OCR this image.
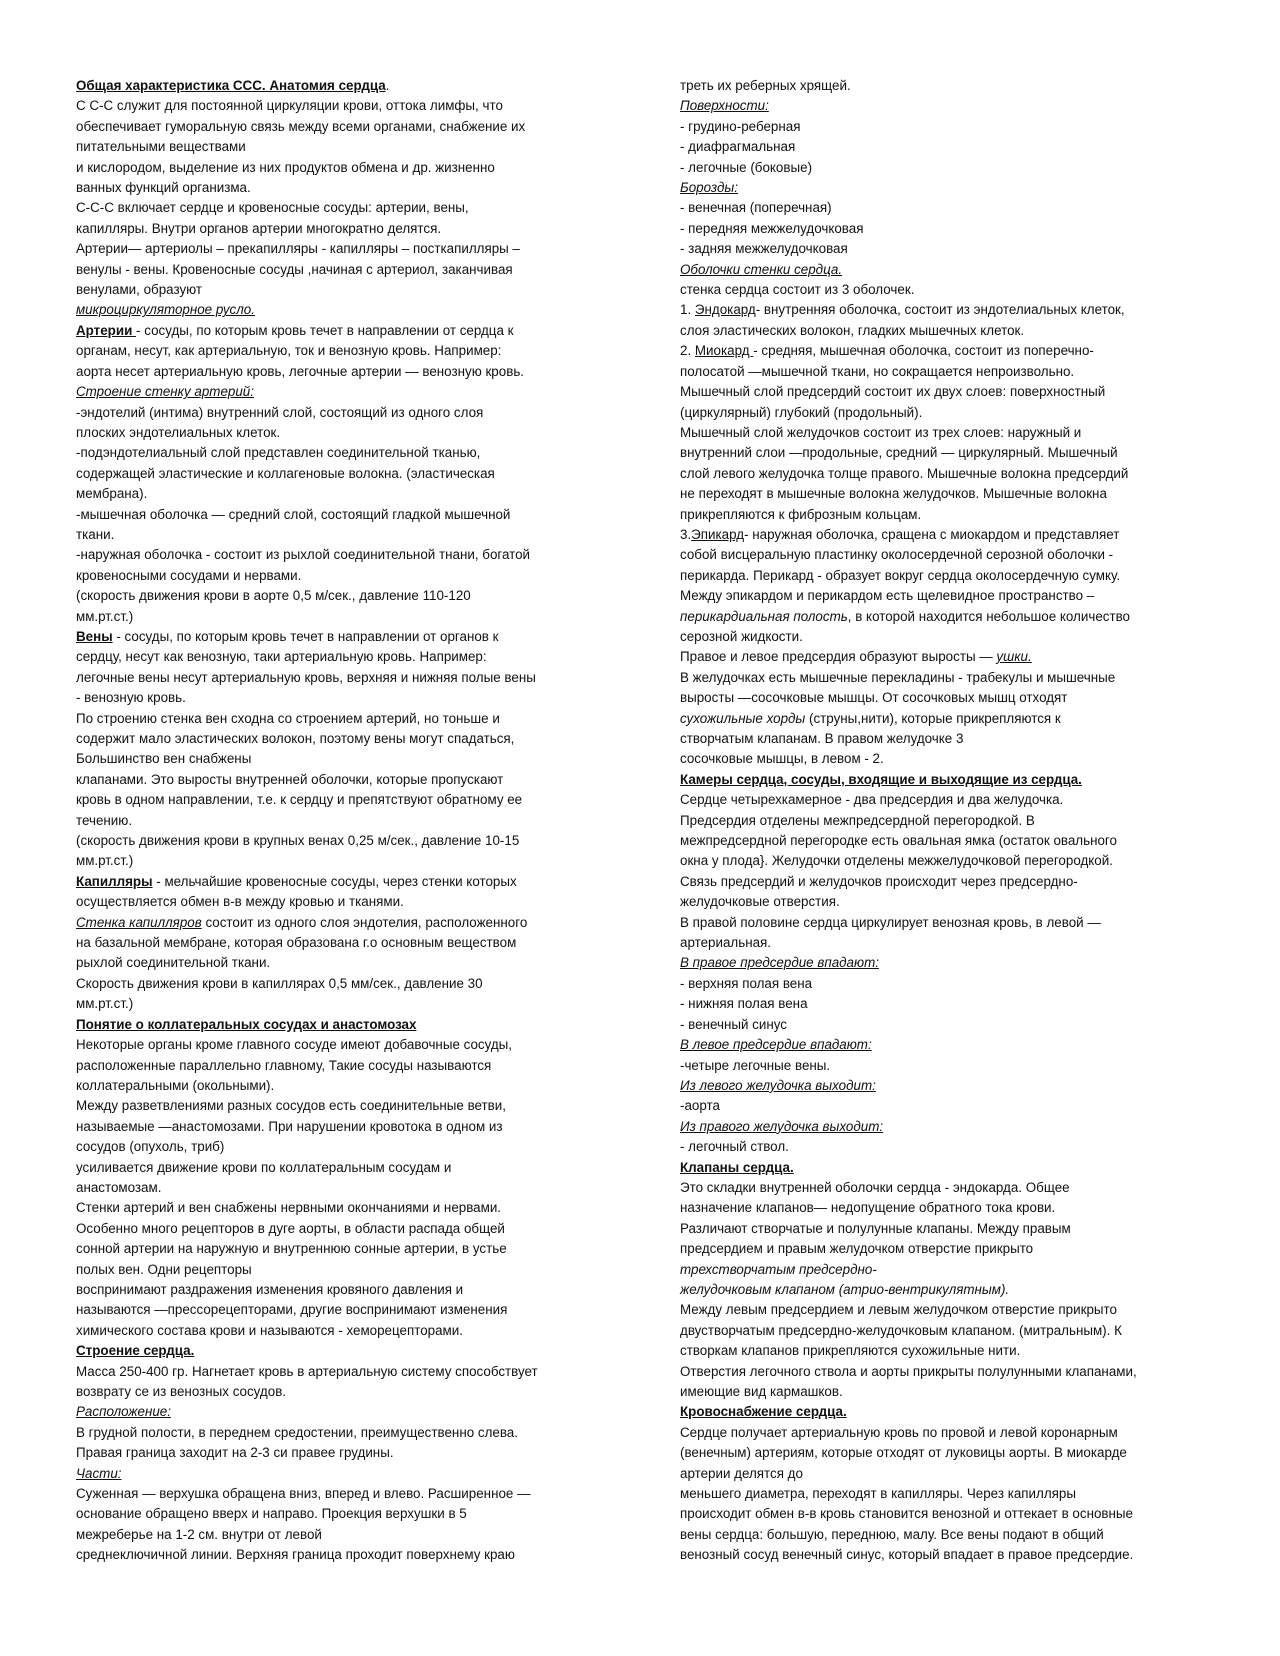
Общая характеристика ССС. Анатомия сердца.
С С-С служит для постоянной циркуляции крови, оттока лимфы, что
обеспечивает гуморальную связь между всеми органами, снабжение их
питательными веществами
и кислородом, выделение из них продуктов обмена и др. жизненно
ванных функций организма.
С-С-С включает сердце и кровеносные сосуды: артерии, вены,
капилляры. Внутри органов артерии многократно делятся.
Артерии— артериолы – прекапилляры - капилляры – посткапилляры –
венулы - вены. Кровеносные сосуды ,начиная с артериол, заканчивая
венулами, образуют
микроциркуляторное русло.
Артерии - сосуды, по которым кровь течет в направлении от сердца к
органам, несут, как артериальную, ток и венозную кровь. Например:
аорта несет артериальную кровь, легочные артерии — венозную кровь.
Строение стенку артерий:
-эндотелий (интима) внутренний слой, состоящий из одного слоя
плоских эндотелиальных клеток.
-подэндотелиальный слой представлен соединительной тканью,
содержащей эластические и коллагеновые волокна. (эластическая
мембрана).
-мышечная оболочка — средний слой, состоящий гладкой мышечной
ткани.
-наружная оболочка - состоит из рыхлой соединительной тнани, богатой
кровеносными сосудами и нервами.
(скорость движения крови в аорте 0,5 м/сек., давление 110-120
мм.рт.ст.)
Вены - сосуды, по которым кровь течет в направлении от органов к
сердцу, несут как венозную, таки артериальную кровь. Например:
легочные вены несут артериальную кровь, верхняя и нижняя полые вены
- венозную кровь.
По строению стенка вен сходна со строением артерий, но тоньше и
содержит мало эластических волокон, поэтому вены могут спадаться,
Большинство вен снабжены
клапанами. Это выросты внутренней оболочки, которые пропускают
кровь в одном направлении, т.е. к сердцу и препятствуют обратному ее
течению.
(скорость движения крови в крупных венах 0,25 м/сек., давление 10-15
мм.рт.ст.)
Капилляры - мельчайшие кровеносные сосуды, через стенки которых
осуществляется обмен в-в между кровью и тканями.
Стенка капилляров состоит из одного слоя эндотелия, расположенного
на базальной мембране, которая образована г.о основным веществом
рыхлой соединительной ткани.
Скорость движения крови в капиллярах 0,5 мм/сек., давление 30
мм.рт.ст.)
Понятие о коллатеральных сосудах и анастомозах
Некоторые органы кроме главного сосуде имеют добавочные сосуды,
расположенные параллельно главному, Такие сосуды называются
коллатеральными (окольными).
Между разветвлениями разных сосудов есть соединительные ветви,
называемые —анастомозами. При нарушении кровотока в одном из
сосудов (опухоль, триб)
усиливается движение крови по коллатеральным сосудам и
анастомозам.
Стенки артерий и вен снабжены нервными окончаниями и нервами.
Особенно много рецепторов в дуге аорты, в области распада общей
сонной артерии на наружную и внутреннюю сонные артерии, в устье
полых вен. Одни рецепторы
воспринимают раздражения изменения кровяного давления и
называются —прессорецепторами, другие воспринимают изменения
химического состава крови и называются - хеморецепторами.
Строение сердца.
Масса 250-400 гр. Нагнетает кровь в артериальную систему способствует
возврату се из венозных сосудов.
Расположение:
В грудной полости, в переднем средостении, преимущественно слева.
Правая граница заходит на 2-3 си правее грудины.
Части:
Суженная — верхушка обращена вниз, вперед и влево. Расширенное —
основание обращено вверх и направо. Проекция верхушки в 5
межреберье на 1-2 см. внутри от левой
среднеключичной линии. Верхняя граница проходит поверхнему краю
треть их реберных хрящей.
Поверхности:
- грудино-реберная
- диафрагмальная
- легочные (боковые)
Борозды:
- венечная (поперечная)
- передняя межжелудочковая
- задняя межжелудочковая
Оболочки стенки сердца.
стенка сердца состоит из 3 оболочек.
1. Эндокард- внутренняя оболочка, состоит из эндотелиальных клеток,
слоя эластических волокон, гладких мышечных клеток.
2. Миокард - средняя, мышечная оболочка, состоит из поперечно-
полосатой —мышечной ткани, но сокращается непроизвольно.
Мышечный слой предсердий состоит их двух слоев: поверхностный
(циркулярный) глубокий (продольный).
Мышечный слой желудочков состоит из трех слоев: наружный и
внутренний слои —продольные, средний — циркулярный. Мышечный
слой левого желудочка толще правого. Мышечные волокна предсердий
не переходят в мышечные волокна желудочков. Мышечные волокна
прикрепляются к фиброзным кольцам.
3.Эпикард- наружная оболочка, сращена с миокардом и представляет
собой висцеральную пластинку околосердечной серозной оболочки -
перикарда. Перикард - образует вокруг сердца околосердечную сумку.
Между эпикардом и перикардом есть щелевидное пространство –
перикардиальная полость, в которой находится небольшое количество
серозной жидкости.
Правое и левое предсердия образуют выросты — ушки.
В желудочках есть мышечные перекладины - трабекулы и мышечные
выросты —сосочковые мышцы. От сосочковых мышц отходят
сухожильные хорды (струны,нити), которые прикрепляются к
створчатым клапанам. В правом желудочке 3
сосочковые мышцы, в левом - 2.
Камеры сердца, сосуды, входящие и выходящие из сердца.
Сердце четырехкамерное - два предсердия и два желудочка.
Предсердия отделены межпредсердной перегородкой. В
межпредсердной перегородке есть овальная ямка (остаток овального
окна у плода}. Желудочки отделены межжелудочковой перегородкой.
Связь предсердий и желудочков происходит через предсердно-
желудочковые отверстия.
В правой половине сердца циркулирует венозная кровь, в левой —
артериальная.
В правое предсердие впадают:
- верхняя полая вена
- нижняя полая вена
- венечный синус
В левое предсердие впадают:
-четыре легочные вены.
Из левого желудочка выходит:
-аорта
Из правого желудочка выходит:
- легочный ствол.
Клапаны сердца.
Это складки внутренней оболочки сердца - эндокарда. Общее
назначение клапанов— недопущение обратного тока крови.
Различают створчатые и полулунные клапаны. Между правым
предсердием и правым желудочком отверстие прикрыто
трехстворчатым предсердно-
желудочковым клапаном (атрио-вентрикулятным).
Между левым предсердием и левым желудочком отверстие прикрыто
двустворчатым предсердно-желудочковым клапаном. (митральным). К
створкам клапанов прикрепляются сухожильные нити.
Отверстия легочного ствола и аорты прикрыты полулунными клапанами,
имеющие вид кармашков.
Кровоснабжение сердца.
Сердце получает артериальную кровь по провой и левой коронарным
(венечным) артериям, которые отходят от луковицы аорты. В миокарде
артерии делятся до
меньшего диаметра, переходят в капилляры. Через капилляры
происходит обмен в-в кровь становится венозной и оттекает в основные
вены сердца: большую, переднюю, малу. Все вены подают в общий
венозный сосуд венечный синус, который впадает в правое предсердие.
